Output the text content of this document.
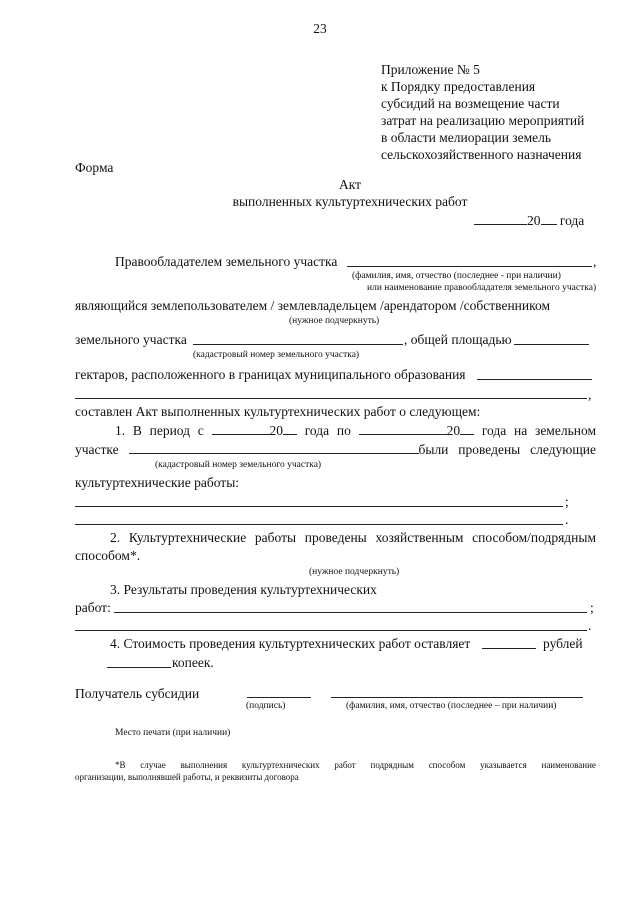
23
Приложение № 5
к Порядку предоставления
субсидий на возмещение части
затрат на реализацию мероприятий
в области мелиорации земель
сельскохозяйственного назначения
Форма
Акт
выполненных культуртехнических работ
20 года
Правообладателем земельного участка	,
(фамилия, имя, отчество (последнее - при наличии)
или наименование правообладателя земельного участка)
являющийся землепользователем / землевладельцем /арендатором /собственником
(нужное подчеркнуть)
земельного участка	, общей площадью
(кадастровый номер земельного участка)
гектаров, расположенного в границах муниципального образования
,
составлен Акт выполненных культуртехнических работ о следующем:
1. В период с	20	года по	20	года на земельном
участке	были проведены следующие
(кадастровый номер земельного участка)
культуртехнические работы:
;
.
2. Культуртехнические работы проведены хозяйственным способом/подрядным
способом*.
(нужное подчеркнуть)
3. Результаты проведения культуртехнических
работ:	;
.
4. Стоимость проведения культуртехнических работ оставляет	рублей
копеек.
Получатель субсидии
(подпись)	(фамилия, имя, отчество (последнее – при наличии)
Место печати (при наличии)
*В случае выполнения культуртехнических работ подрядным способом указывается наименование
организации, выполнявшей работы, и реквизиты договора
